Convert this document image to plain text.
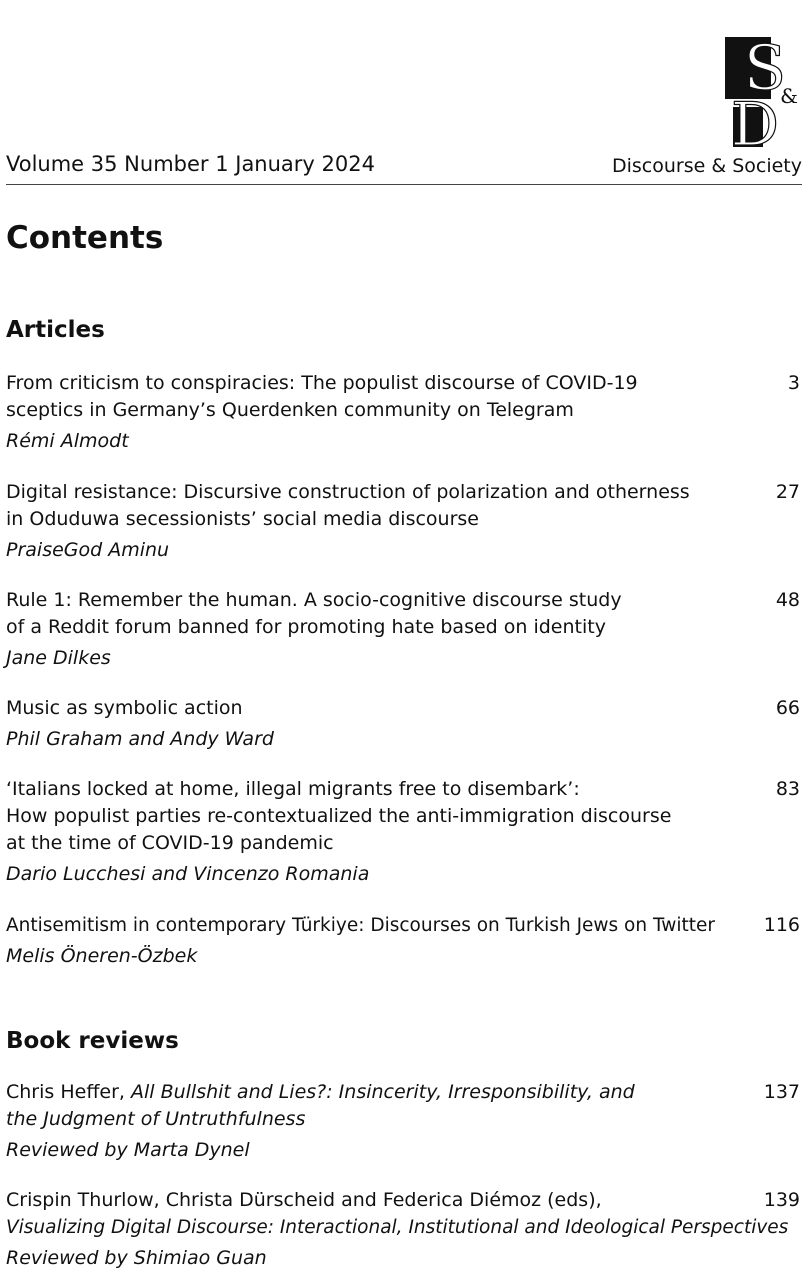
S
&
D
Volume 35 Number 1 January 2024	Discourse & Society
Contents
Articles
From criticism to conspiracies: The populist discourse of COVID-19
sceptics in Germany’s Querdenken community on Telegram
Rémi Almodt
3
Digital resistance: Discursive construction of polarization and otherness
in Oduduwa secessionists’ social media discourse
PraiseGod Aminu
27
Rule 1: Remember the human. A socio-cognitive discourse study
of a Reddit forum banned for promoting hate based on identity
Jane Dilkes
48
Music as symbolic action
Phil Graham and Andy Ward
66
‘Italians locked at home, illegal migrants free to disembark’:
How populist parties re-contextualized the anti-immigration discourse
at the time of COVID-19 pandemic
Dario Lucchesi and Vincenzo Romania
83
Antisemitism in contemporary Türkiye: Discourses on Turkish Jews on Twitter
Melis Öneren-Özbek
116
Book reviews
Chris Heffer, All Bullshit and Lies?: Insincerity, Irresponsibility, and
the Judgment of Untruthfulness
Reviewed by Marta Dynel
137
Crispin Thurlow, Christa Dürscheid and Federica Diémoz (eds),
Visualizing Digital Discourse: Interactional, Institutional and Ideological Perspectives
Reviewed by Shimiao Guan
139
